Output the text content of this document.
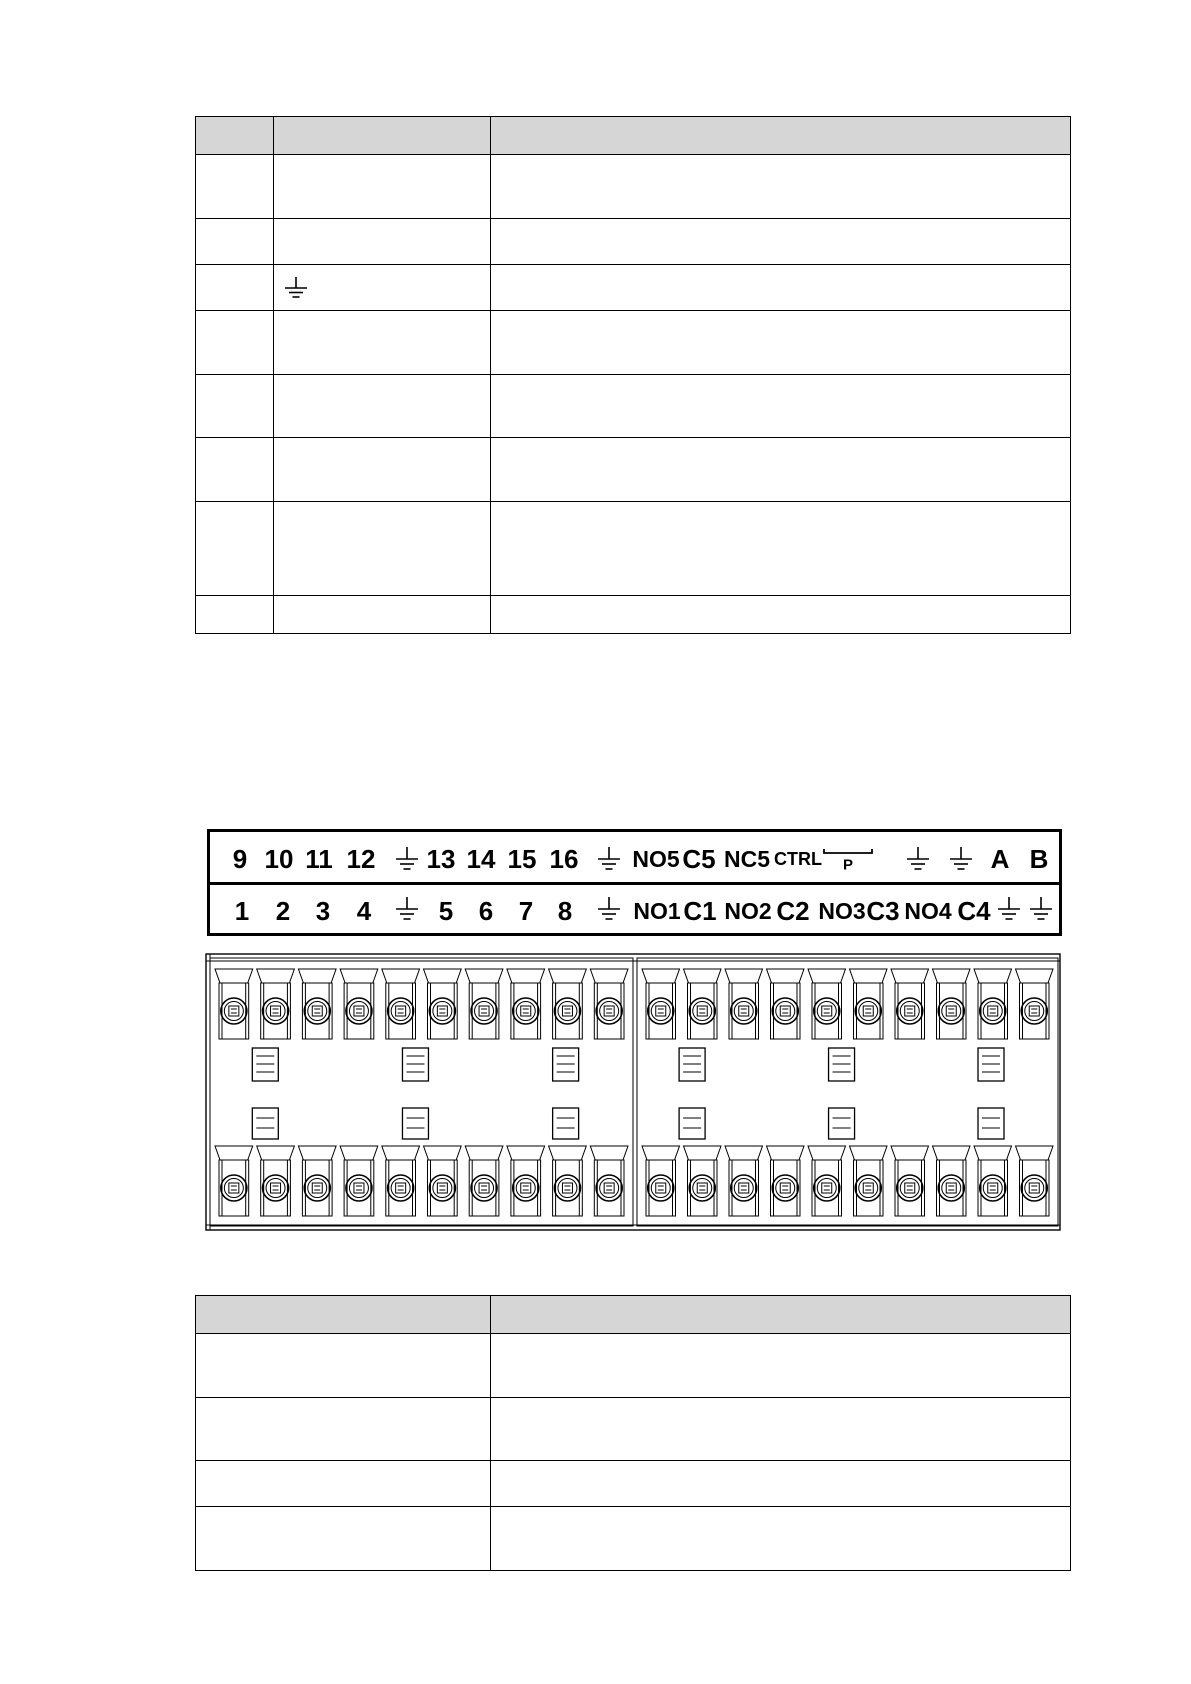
9 10 11 12 13 14 15 16 NO5 C5 NC5 CTRL P	A B
1 2 3 4	5 6 7 8	NO1 C1 NO2 C2 NO3 C3 NO4 C4
